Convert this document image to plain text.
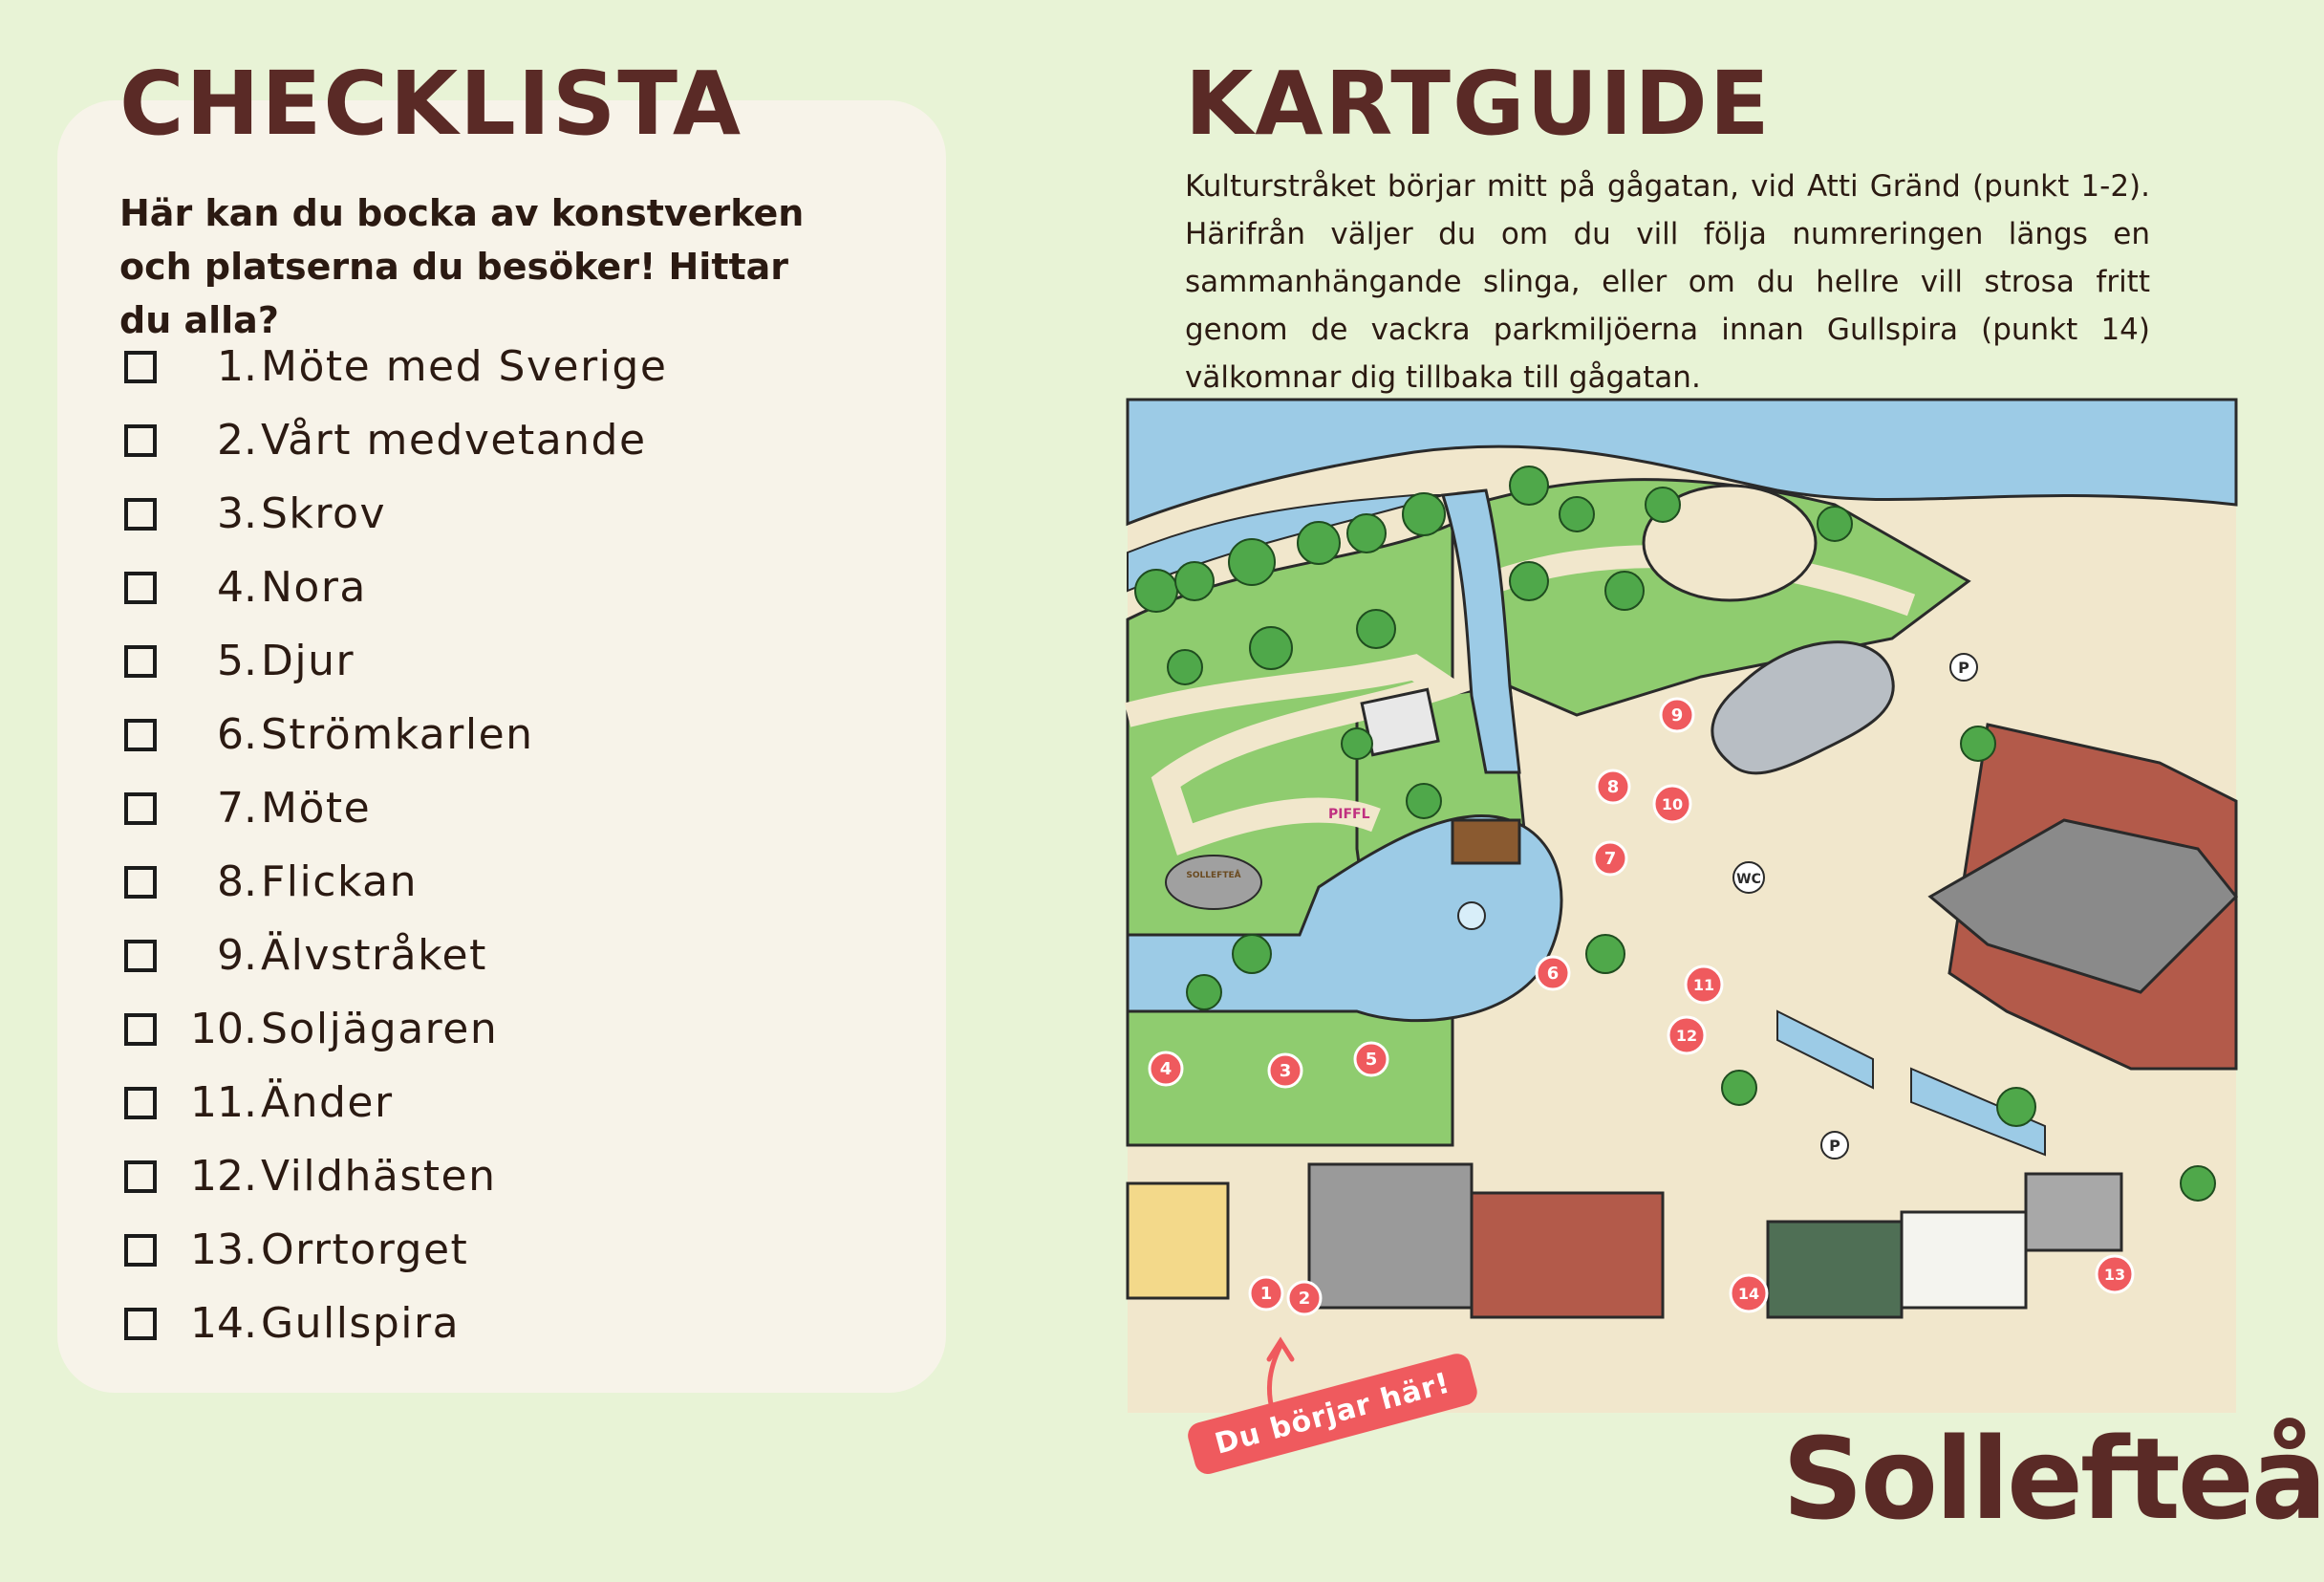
CHECKLISTA

Här kan du bocka av konstverken och platserna du besöker! Hittar du alla?

1. Möte med Sverige
2. Vårt medvetande
3. Skrov
4. Nora
5. Djur
6. Strömkarlen
7. Möte
8. Flickan
9. Älvstråket
10. Soljägaren
11. Änder
12. Vildhästen
13. Orrtorget
14. Gullspira
KARTGUIDE

Kulturstråket börjar mitt på gågatan, vid Atti Gränd (punkt 1-2). Härifrån väljer du om du vill följa numreringen längs en sammanhängande slinga, eller om du hellre vill strosa fritt genom de vackra parkmiljöerna innan Gullspira (punkt 14) välkomnar dig tillbaka till gågatan.

P
P
WC
PIFFL
SOLLEFTEÅ
1 2
3
4	5
6
7
8
9
10
11
12
13
14
Du börjar här!	Sollefteå
